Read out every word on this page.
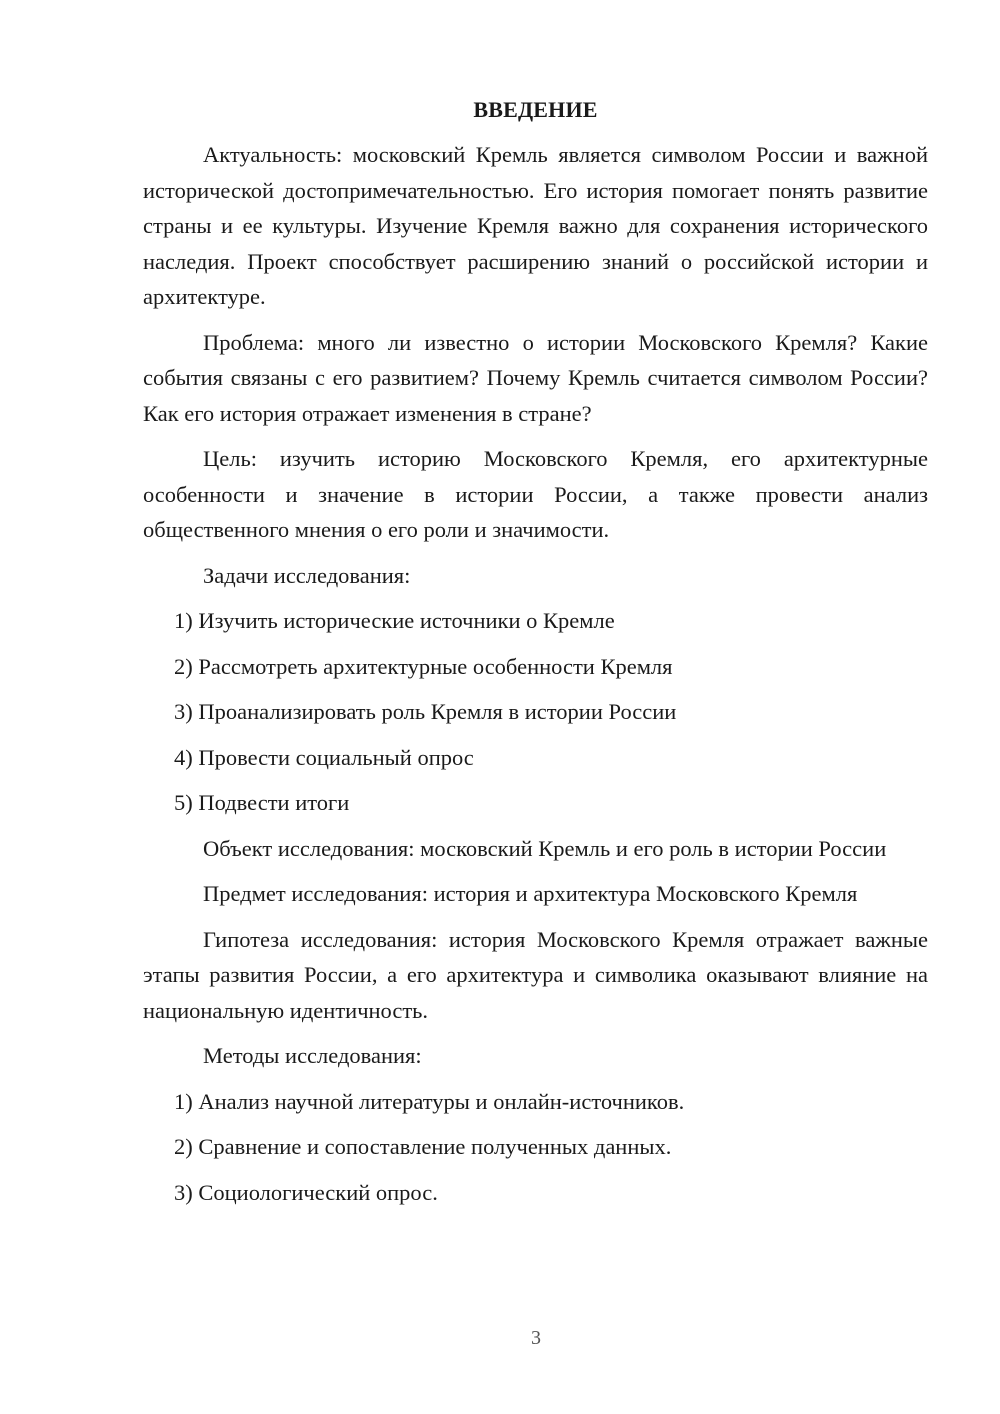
ВВЕДЕНИЕ

Актуальность: московский Кремль является символом России и важной исторической достопримечательностью. Его история помогает понять развитие страны и ее культуры. Изучение Кремля важно для сохранения исторического наследия. Проект способствует расширению знаний о российской истории и архитектуре.

Проблема: много ли известно о истории Московского Кремля? Какие события связаны с его развитием? Почему Кремль считается символом России? Как его история отражает изменения в стране?

Цель: изучить историю Московского Кремля, его архитектурные особенности и значение в истории России, а также провести анализ общественного мнения о его роли и значимости.

Задачи исследования:

1) Изучить исторические источники о Кремле
2) Рассмотреть архитектурные особенности Кремля
3) Проанализировать роль Кремля в истории России
4) Провести социальный опрос
5) Подвести итоги

Объект исследования: московский Кремль и его роль в истории России

Предмет исследования: история и архитектура Московского Кремля

Гипотеза исследования: история Московского Кремля отражает важные этапы развития России, а его архитектура и символика оказывают влияние на национальную идентичность.

Методы исследования:

1) Анализ научной литературы и онлайн-источников.
2) Сравнение и сопоставление полученных данных.
3) Социологический опрос.
3
